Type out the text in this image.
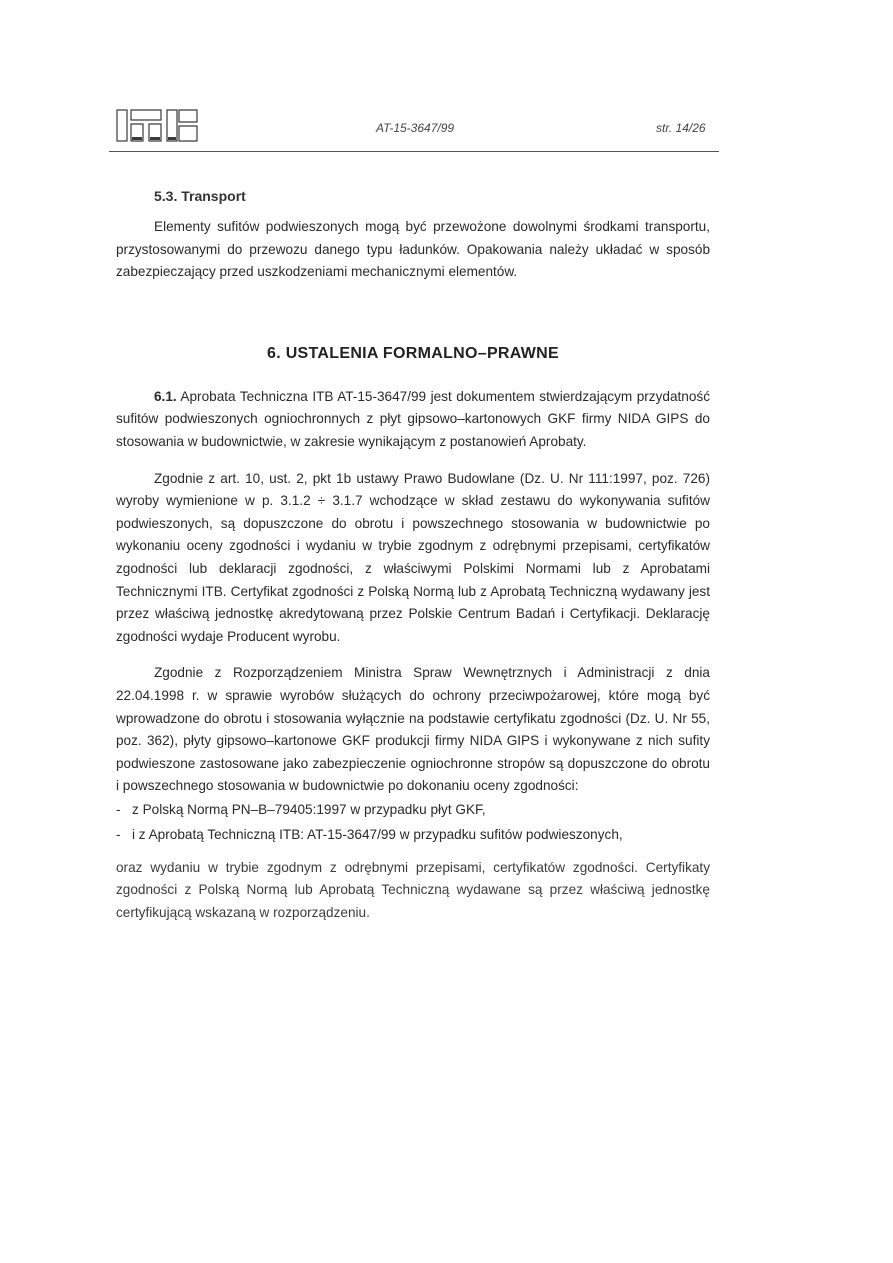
AT-15-3647/99	str. 14/26
5.3. Transport

Elementy sufitów podwieszonych mogą być przewożone dowolnymi środkami transportu, przystosowanymi do przewozu danego typu ładunków. Opakowania należy układać w sposób zabezpieczający przed uszkodzeniami mechanicznymi elementów.

6. USTALENIA FORMALNO–PRAWNE

6.1. Aprobata Techniczna ITB AT-15-3647/99 jest dokumentem stwierdzającym przydatność sufitów podwieszonych ogniochronnych z płyt gipsowo–kartonowych GKF firmy NIDA GIPS do stosowania w budownictwie, w zakresie wynikającym z postanowień Aprobaty.

Zgodnie z art. 10, ust. 2, pkt 1b ustawy Prawo Budowlane (Dz. U. Nr 111:1997, poz. 726) wyroby wymienione w p. 3.1.2 ÷ 3.1.7 wchodzące w skład zestawu do wykonywania sufitów podwieszonych, są dopuszczone do obrotu i powszechnego stosowania w budownictwie po wykonaniu oceny zgodności i wydaniu w trybie zgodnym z odrębnymi przepisami, certyfikatów zgodności lub deklaracji zgodności, z właściwymi Polskimi Normami lub z Aprobatami Technicznymi ITB. Certyfikat zgodności z Polską Normą lub z Aprobatą Techniczną wydawany jest przez właściwą jednostkę akredytowaną przez Polskie Centrum Badań i Certyfikacji. Deklarację zgodności wydaje Producent wyrobu.

Zgodnie z Rozporządzeniem Ministra Spraw Wewnętrznych i Administracji z dnia 22.04.1998 r. w sprawie wyrobów służących do ochrony przeciwpożarowej, które mogą być wprowadzone do obrotu i stosowania wyłącznie na podstawie certyfikatu zgodności (Dz. U. Nr 55, poz. 362), płyty gipsowo–kartonowe GKF produkcji firmy NIDA GIPS i wykonywane z nich sufity podwieszone zastosowane jako zabezpieczenie ogniochronne stropów są dopuszczone do obrotu i powszechnego stosowania w budownictwie po dokonaniu oceny zgodności:

- z Polską Normą PN–B–79405:1997 w przypadku płyt GKF,
- i z Aprobatą Techniczną ITB: AT-15-3647/99 w przypadku sufitów podwieszonych,

oraz wydaniu w trybie zgodnym z odrębnymi przepisami, certyfikatów zgodności. Certyfikaty zgodności z Polską Normą lub Aprobatą Techniczną wydawane są przez właściwą jednostkę certyfikującą wskazaną w rozporządzeniu.
